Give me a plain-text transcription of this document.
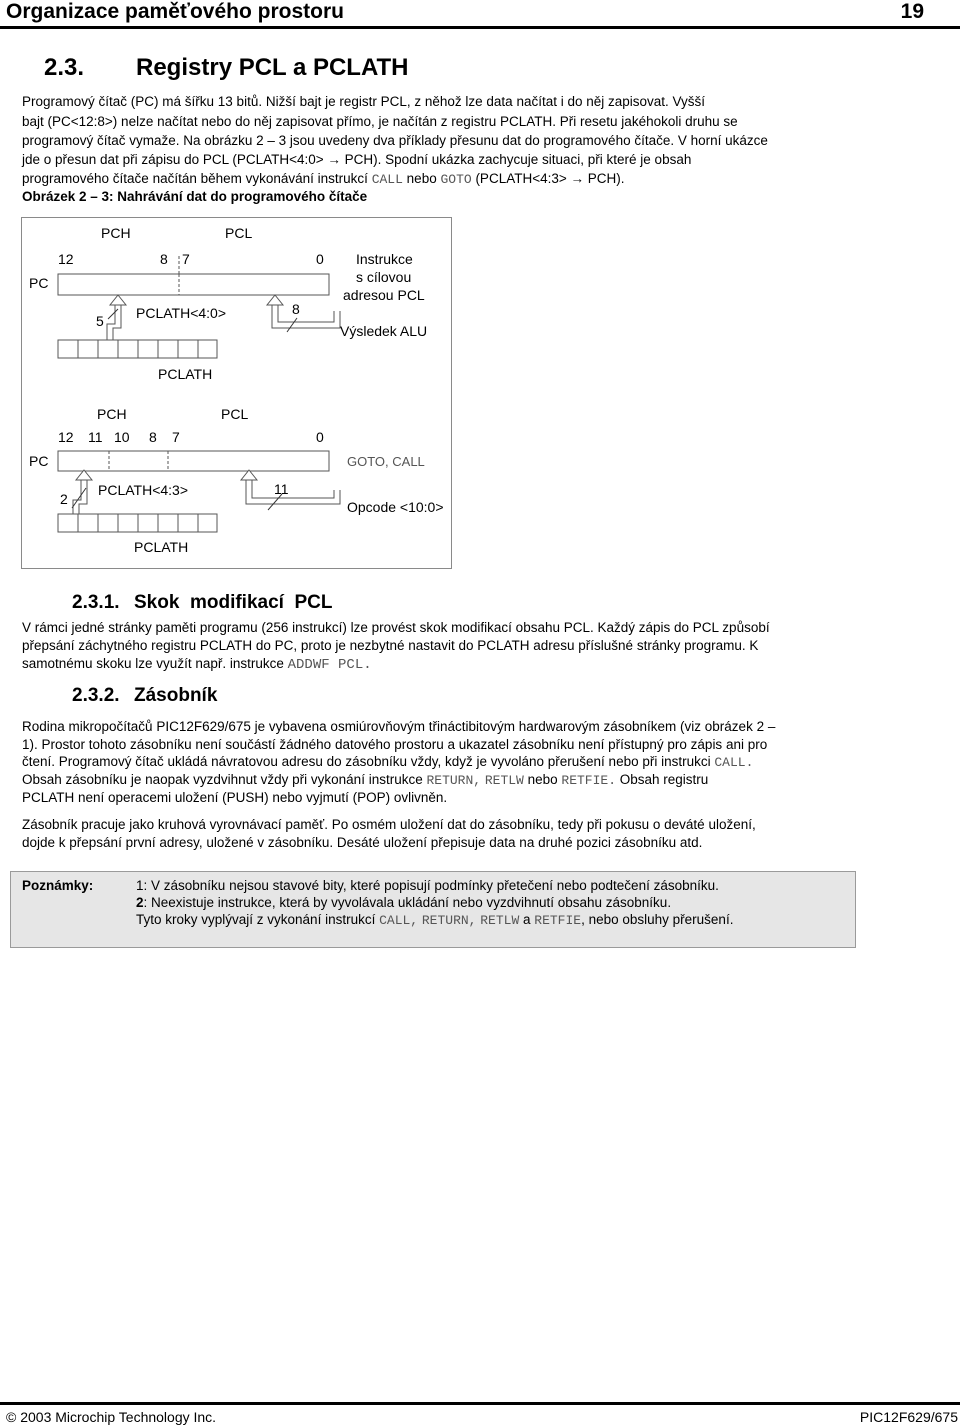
Organizace paměťového prostoru	19
2.3. Registry PCL a PCLATH
Programový čítač (PC) má šířku 13 bitů. Nižší bajt je registr PCL, z něhož lze data načítat i do něj zapisovat. Vyšší
bajt (PC<12:8>) nelze načítat nebo do něj zapisovat přímo, je načítán z registru PCLATH. Při resetu jakéhokoli druhu se
programový čítač vymaže. Na obrázku 2 – 3 jsou uvedeny dva příklady přesunu dat do programového čítače. V horní ukázce
jde o přesun dat při zápisu do PCL (PCLATH<4:0> → PCH). Spodní ukázka zachycuje situaci, při které je obsah
programového čítače načítán během vykonávání instrukcí CALL nebo GOTO (PCLATH<4:3> → PCH).
Obrázek 2 – 3: Nahrávání dat do programového čítače
PCH	PCL
12	8 7	0
PC
Instrukce
s cílovou
adresou PCL
5 PCLATH<4:0>	8
Výsledek ALU
PCLATH
PCH	PCL
12 11 10 8 7	0
PC	GOTO, CALL
2
PCLATH<4:3>	11
Opcode <10:0>
PCLATH
2.3.1. Skok  modifikací  PCL
V rámci jedné stránky paměti programu (256 instrukcí) lze provést skok modifikací obsahu PCL. Každý zápis do PCL způsobí
přepsání záchytného registru PCLATH do PC, proto je nezbytné nastavit do PCLATH adresu příslušné stránky programu. K
samotnému skoku lze využít např. instrukce ADDWF PCL.
2.3.2. Zásobník
Rodina mikropočítačů PIC12F629/675 je vybavena osmiúrovňovým třináctibitovým hardwarovým zásobníkem (viz obrázek 2 –
1). Prostor tohoto zásobníku není součástí žádného datového prostoru a ukazatel zásobníku není přístupný pro zápis ani pro
čtení. Programový čítač ukládá návratovou adresu do zásobníku vždy, když je vyvoláno přerušení nebo při instrukci CALL.
Obsah zásobníku je naopak vyzdvihnut vždy při vykonání instrukce RETURN, RETLW nebo RETFIE. Obsah registru
PCLATH není operacemi uložení (PUSH) nebo vyjmutí (POP) ovlivněn.
Zásobník pracuje jako kruhová vyrovnávací paměť. Po osmém uložení dat do zásobníku, tedy při pokusu o deváté uložení,
dojde k přepsání první adresy, uložené v zásobníku. Desáté uložení přepisuje data na druhé pozici zásobníku atd.
Poznámky:	1: V zásobníku nejsou stavové bity, které popisují podmínky přetečení nebo podtečení zásobníku.
2: Neexistuje instrukce, která by vyvolávala ukládání nebo vyzdvihnutí obsahu zásobníku.
Tyto kroky vyplývají z vykonání instrukcí CALL, RETURN, RETLW a RETFIE, nebo obsluhy přerušení.
© 2003 Microchip Technology Inc.	PIC12F629/675
